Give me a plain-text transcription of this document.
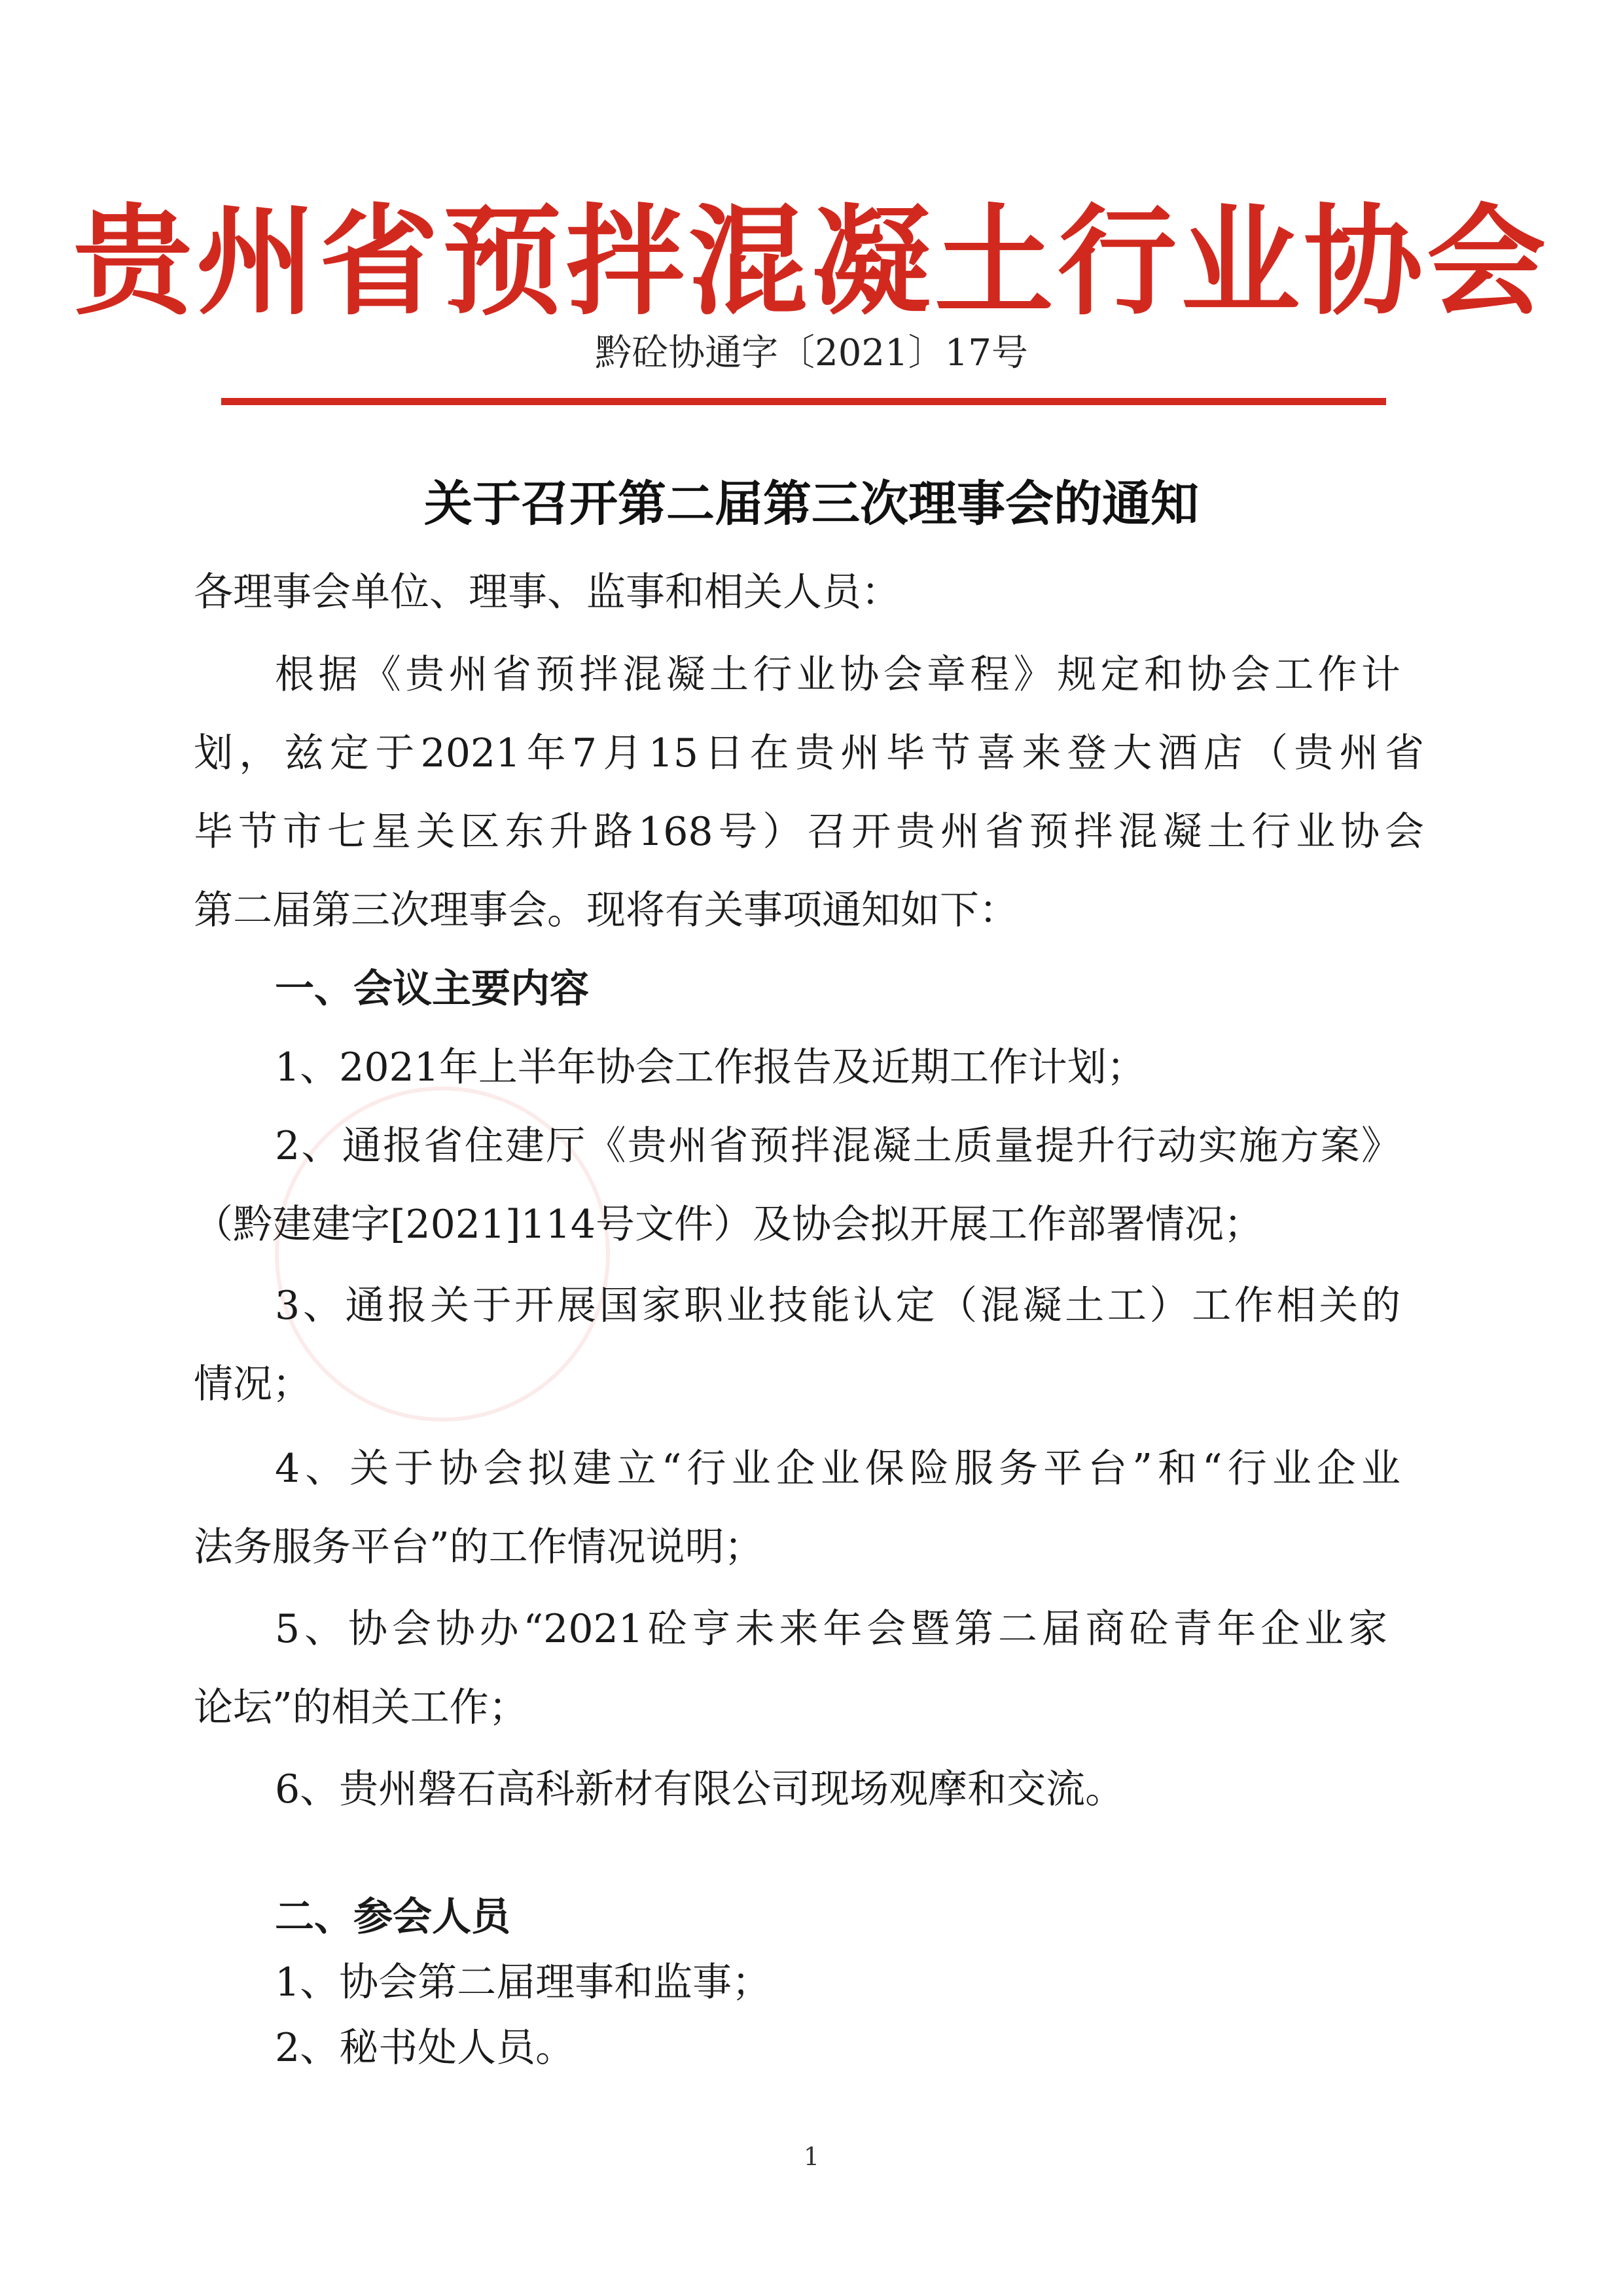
贵州省预拌混凝土行业协会
黔砼协通字〔2021〕17号
关于召开第二届第三次理事会的通知
各理事会单位、理事、监事和相关人员：
根据《贵州省预拌混凝土行业协会章程》规定和协会工作计
划，兹定于2021年7月15日在贵州毕节喜来登大酒店（贵州省
毕节市七星关区东升路168号）召开贵州省预拌混凝土行业协会
第二届第三次理事会。现将有关事项通知如下：
一、会议主要内容
1、2021年上半年协会工作报告及近期工作计划；
2、通报省住建厅《贵州省预拌混凝土质量提升行动实施方案》
（黔建建字[2021]114号文件）及协会拟开展工作部署情况；
3、通报关于开展国家职业技能认定（混凝土工）工作相关的
情况；
4、关于协会拟建立“行业企业保险服务平台”和“行业企业
法务服务平台”的工作情况说明；
5、协会协办“2021砼亨未来年会暨第二届商砼青年企业家
论坛”的相关工作；
6、贵州磐石高科新材有限公司现场观摩和交流。
二、参会人员
1、协会第二届理事和监事；
2、秘书处人员。
1
